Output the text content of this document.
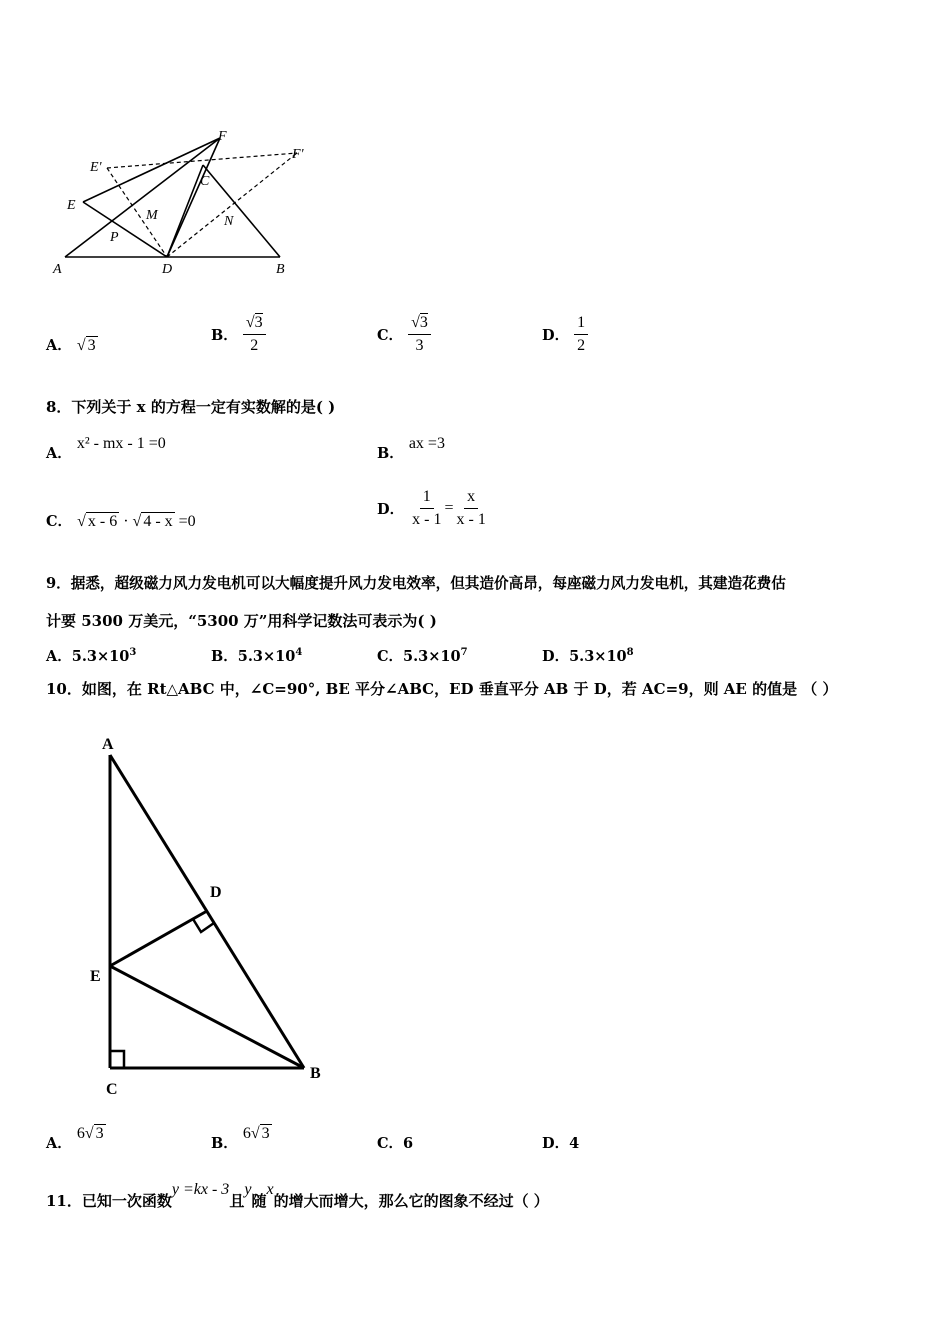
F
E'
F'
C
E
M	N
P
A	D	B
A． √ 3
B． $\frac{√3}{2}$	C． $\frac{√3}{3}$	D． $\frac{1}{2}$
8．下列关于 x 的方程一定有实数解的是( )
A． x² - mx - 1 =0
B． ax =3
C． √ x - 6 · √ 4 - x =0
D． $\frac{1}{x - 1} = \frac{x}{x - 1}$
9．据悉，超级磁力风力发电机可以大幅度提升风力发电效率，但其造价高昂，每座磁力风力发电机，其建造花费估
计要 5300 万美元，“5300 万”用科学记数法可表示为( )
A．$5.3\times 10^3$	B．$5.3\times 10^4$	C．$5.3\times 10^7$	D．$5.3\times 10^8$
10．如图，在 Rt△ABC 中，∠C=90°, BE 平分∠ABC，ED 垂直平分 AB 于 D，若 AC=9，则 AE 的值是 （ ）
A
D
E
C
B
A． 6√ 3
B． 6√ 3
C．6	D．4
11．已知一次函数y =kx - 3且y随x的增大而增大，那么它的图象不经过（ ）
